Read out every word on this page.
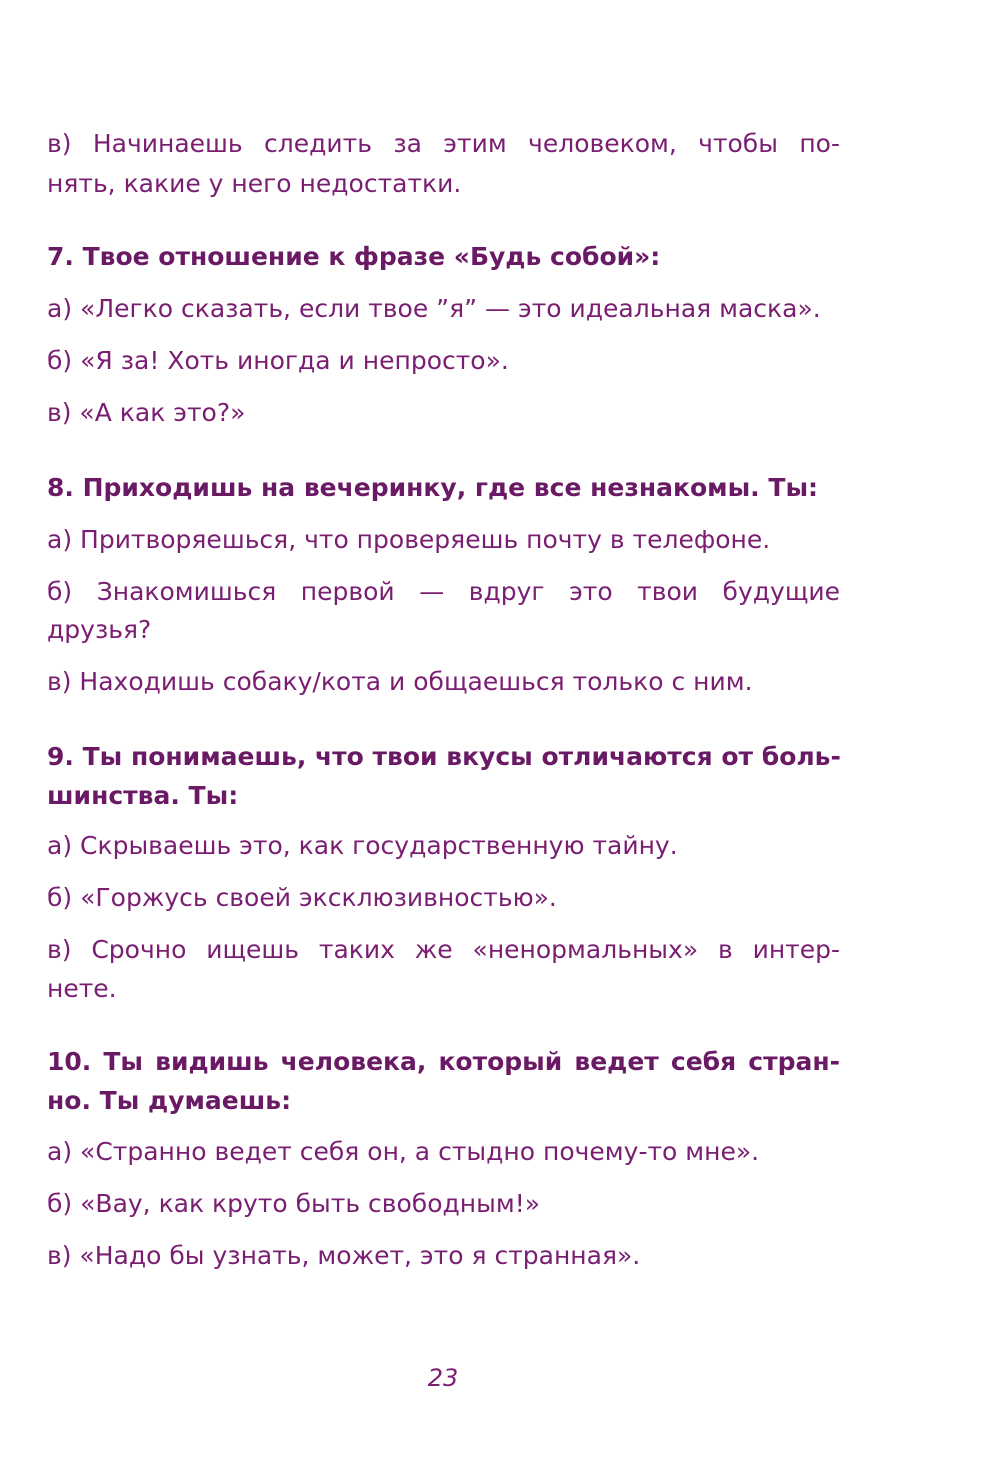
в) Начинаешь следить за этим человеком, чтобы по-
нять, какие у него недостатки.
7. Твое отношение к фразе «Будь собой»:
а) «Легко сказать, если твое ”я” — это идеальная маска».
б) «Я за! Хоть иногда и непросто».
в) «А как это?»
8. Приходишь на вечеринку, где все незнакомы. Ты:
а) Притворяешься, что проверяешь почту в телефоне.
б) Знакомишься первой — вдруг это твои будущие
друзья?
в) Находишь собаку/кота и общаешься только с ним.
9. Ты понимаешь, что твои вкусы отличаются от боль-
шинства. Ты:
а) Скрываешь это, как государственную тайну.
б) «Горжусь своей эксклюзивностью».
в) Срочно ищешь таких же «ненормальных» в интер-
нете.
10. Ты видишь человека, который ведет себя стран-
но. Ты думаешь:
а) «Странно ведет себя он, а стыдно почему-то мне».
б) «Вау, как круто быть свободным!»
в) «Надо бы узнать, может, это я странная».
23
